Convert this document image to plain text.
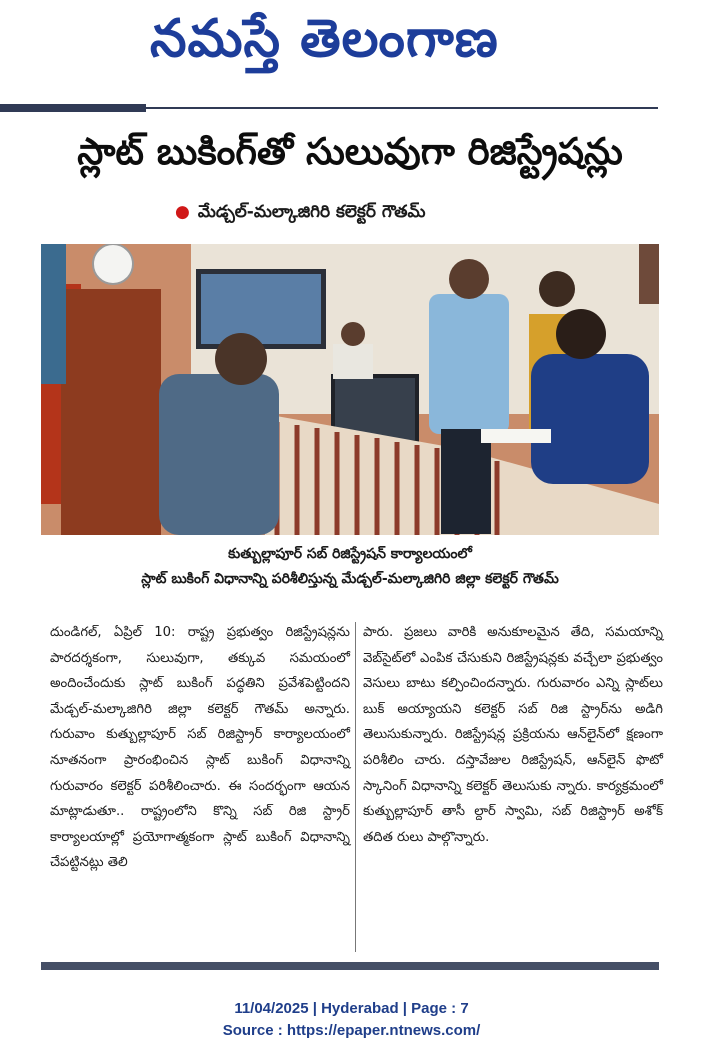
నమస్తే తెలంగాణ
స్లాట్ బుకింగ్‌తో సులువుగా రిజిస్ట్రేషన్లు
● మేడ్చల్-మల్కాజిగిరి కలెక్టర్ గౌతమ్
కుత్బుల్లాపూర్ సబ్ రిజిస్ట్రేషన్ కార్యాలయంలో
స్లాట్ బుకింగ్ విధానాన్ని పరిశీలిస్తున్న మేడ్చల్-మల్కాజిగిరి జిల్లా కలెక్టర్ గౌతమ్
దుండిగల్, ఏప్రిల్ 10: రాష్ట్ర ప్రభుత్వం రిజిస్ట్రేషన్లను పారదర్శకంగా, సులువుగా, తక్కువ సమయంలో అందించేందుకు స్లాట్ బుకింగ్ పద్ధతిని ప్రవేశపెట్టిందని మేడ్చల్-మల్కాజిగిరి జిల్లా కలెక్టర్ గౌతమ్ అన్నారు. గురువాం కుత్బుల్లాపూర్ సబ్ రిజిస్ట్రార్ కార్యాలయంలో నూతనంగా ప్రారంభించిన స్లాట్ బుకింగ్ విధానాన్ని గురువారం కలెక్టర్ పరిశీలించారు. ఈ సందర్భంగా ఆయన మాట్లాడుతూ.. రాష్ట్రంలోని కొన్ని సబ్ రిజి స్ట్రార్ కార్యాలయాల్లో ప్రయోగాత్మకంగా స్లాట్ బుకింగ్ విధానాన్ని చేపట్టినట్లు తెలి
పారు. ప్రజలు వారికి అనుకూలమైన తేది, సమయాన్ని వెబ్‌సైట్‌లో ఎంపిక చేసుకుని రిజిస్ట్రేషన్లకు వచ్చేలా ప్రభుత్వం వెసులు బాటు కల్పించిందన్నారు. గురువారం ఎన్ని స్లాట్‌లు బుక్ అయ్యాయని కలెక్టర్ సబ్ రిజి స్ట్రార్‌ను అడిగి తెలుసుకున్నారు. రిజిస్ట్రేషన్ల ప్రక్రియను ఆన్‌లైన్‌లో క్షణంగా పరిశీలిం చారు. దస్తావేజుల రిజిస్ట్రేషన్, ఆన్‌లైన్ ఫొటో స్కానింగ్ విధానాన్ని కలెక్టర్ తెలుసుకు న్నారు. కార్యక్రమంలో కుత్బుల్లాపూర్ తాసీ ల్దార్ స్వామి, సబ్ రిజిస్ట్రార్ అశోక్ తదిత రులు పాల్గొన్నారు.
11/04/2025 | Hyderabad | Page : 7
Source : https://epaper.ntnews.com/
